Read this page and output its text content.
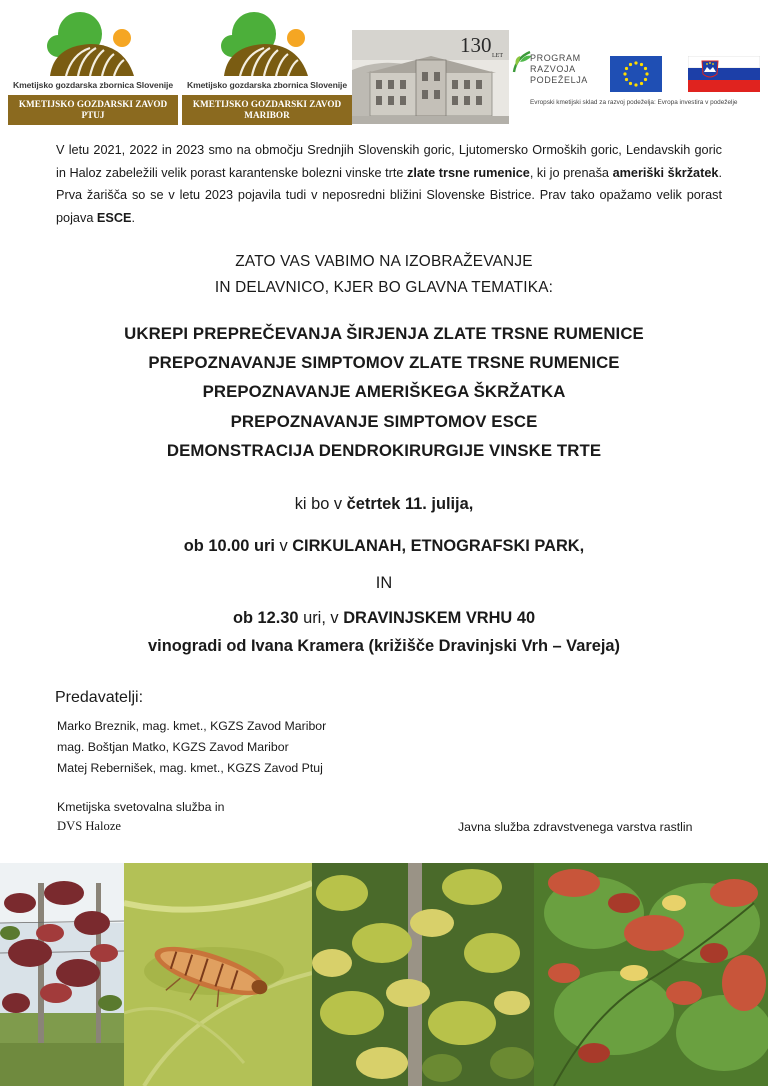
Kmetijsko gozdarska zbornica Slovenije
KMETIJSKO GOZDARSKI ZAVOD
PTUJ
Kmetijsko gozdarska zbornica Slovenije
KMETIJSKO GOZDARSKI ZAVOD
MARIBOR
130 LET	PROGRAM
RAZVOJA
PODEŽELJA
Evropski kmetijski sklad za razvoj podeželja: Evropa investira v podeželje
V letu 2021, 2022 in 2023 smo na območju Srednjih Slovenskih goric, Ljutomersko Ormoških goric, Lendavskih goric in Haloz zabeležili velik porast karantenske bolezni vinske trte zlate trsne rumenice, ki jo prenaša ameriški škržatek. Prva žarišča so se v letu 2023 pojavila tudi v neposredni bližini Slovenske Bistrice. Prav tako opažamo velik porast pojava ESCE.
ZATO VAS VABIMO NA IZOBRAŽEVANJE
IN DELAVNICO, KJER BO GLAVNA TEMATIKA:
UKREPI PREPREČEVANJA ŠIRJENJA ZLATE TRSNE RUMENICE
PREPOZNAVANJE SIMPTOMOV ZLATE TRSNE RUMENICE
PREPOZNAVANJE AMERIŠKEGA ŠKRŽATKA
PREPOZNAVANJE SIMPTOMOV ESCE
DEMONSTRACIJA DENDROKIRURGIJE VINSKE TRTE
ki bo v četrtek 11. julija,
ob 10.00 uri v CIRKULANAH, ETNOGRAFSKI PARK,
IN
ob 12.30 uri, v DRAVINJSKEM VRHU 40
vinogradi od Ivana Kramera (križišče Dravinjski Vrh – Vareja)
Predavatelji:
Marko Breznik, mag. kmet., KGZS Zavod Maribor
mag. Boštjan Matko, KGZS Zavod Maribor
Matej Rebernišek, mag. kmet., KGZS Zavod Ptuj
Kmetijska svetovalna služba in
DVS Haloze	Javna služba zdravstvenega varstva rastlin
